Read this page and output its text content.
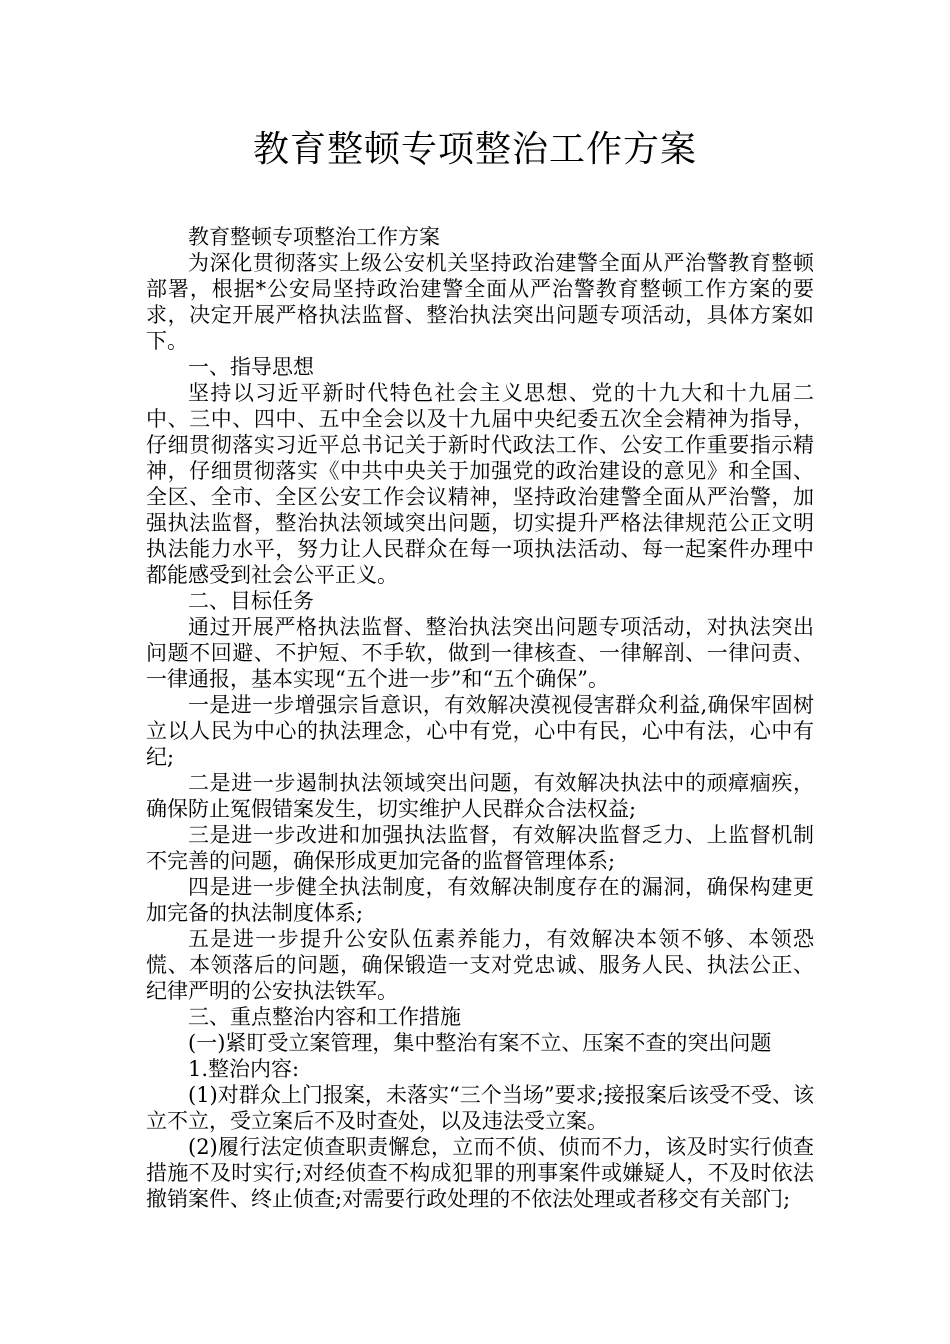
教育整顿专项整治工作方案

教育整顿专项整治工作方案

为深化贯彻落实上级公安机关坚持政治建警全面从严治警教育整顿部署，根据*公安局坚持政治建警全面从严治警教育整顿工作方案的要求，决定开展严格执法监督、整治执法突出问题专项活动，具体方案如下。

一、指导思想

坚持以习近平新时代特色社会主义思想、党的十九大和十九届二中、三中、四中、五中全会以及十九届中央纪委五次全会精神为指导，仔细贯彻落实习近平总书记关于新时代政法工作、公安工作重要指示精神，仔细贯彻落实《中共中央关于加强党的政治建设的意见》和全国、全区、全市、全区公安工作会议精神，坚持政治建警全面从严治警，加强执法监督，整治执法领域突出问题，切实提升严格法律规范公正文明执法能力水平，努力让人民群众在每一项执法活动、每一起案件办理中都能感受到社会公平正义。

二、目标任务

通过开展严格执法监督、整治执法突出问题专项活动，对执法突出问题不回避、不护短、不手软，做到一律核查、一律解剖、一律问责、一律通报，基本实现“五个进一步”和“五个确保”。

一是进一步增强宗旨意识，有效解决漠视侵害群众利益,确保牢固树立以人民为中心的执法理念，心中有党，心中有民，心中有法，心中有纪;

二是进一步遏制执法领域突出问题，有效解决执法中的顽瘴痼疾，确保防止冤假错案发生，切实维护人民群众合法权益;

三是进一步改进和加强执法监督，有效解决监督乏力、上监督机制不完善的问题，确保形成更加完备的监督管理体系;

四是进一步健全执法制度，有效解决制度存在的漏洞，确保构建更加完备的执法制度体系;

五是进一步提升公安队伍素养能力，有效解决本领不够、本领恐慌、本领落后的问题，确保锻造一支对党忠诚、服务人民、执法公正、纪律严明的公安执法铁军。

三、重点整治内容和工作措施

(一)紧盯受立案管理，集中整治有案不立、压案不查的突出问题

1.整治内容:

(1)对群众上门报案，未落实“三个当场”要求;接报案后该受不受、该立不立，受立案后不及时查处，以及违法受立案。

(2)履行法定侦查职责懈怠，立而不侦、侦而不力，该及时实行侦查措施不及时实行;对经侦查不构成犯罪的刑事案件或嫌疑人，不及时依法撤销案件、终止侦查;对需要行政处理的不依法处理或者移交有关部门;
